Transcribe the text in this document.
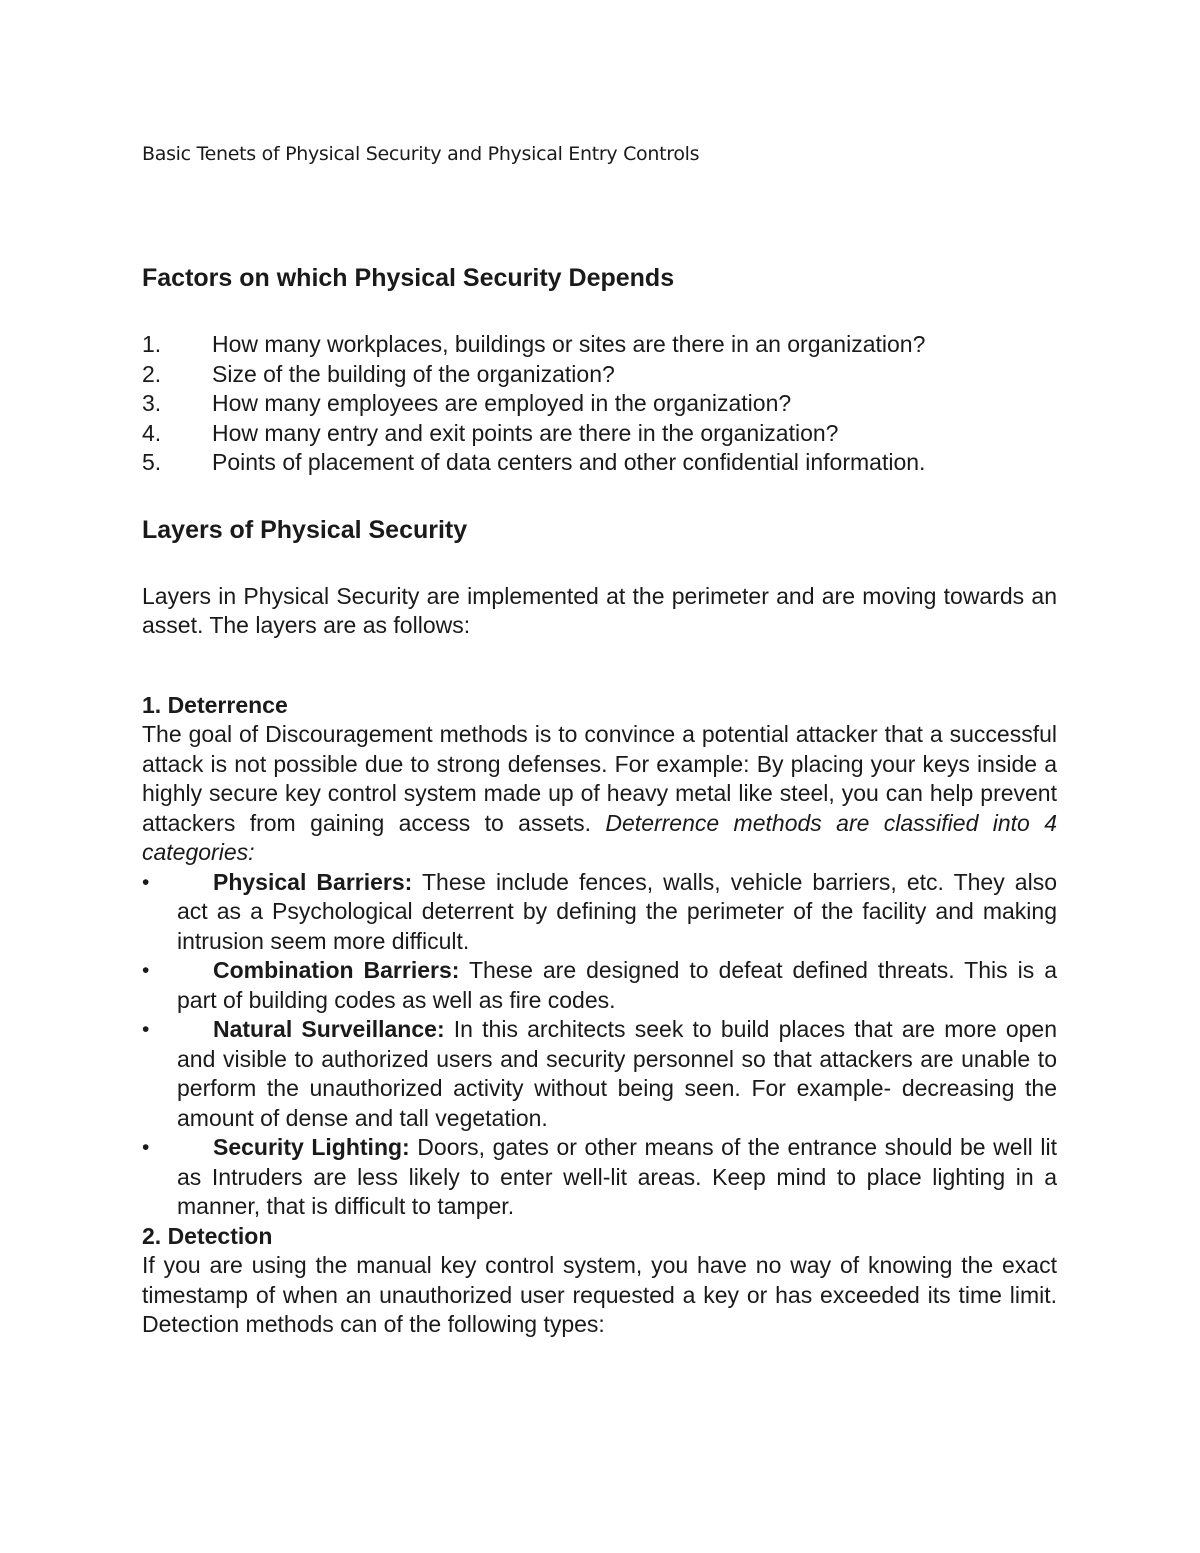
Basic Tenets of Physical Security and Physical Entry Controls
Factors on which Physical Security Depends
1. How many workplaces, buildings or sites are there in an organization?
2. Size of the building of the organization?
3. How many employees are employed in the organization?
4. How many entry and exit points are there in the organization?
5. Points of placement of data centers and other confidential information.
Layers of Physical Security

Layers in Physical Security are implemented at the perimeter and are moving towards an asset. The layers are as follows:

1. Deterrence

The goal of Discouragement methods is to convince a potential attacker that a successful attack is not possible due to strong defenses. For example: By placing your keys inside a highly secure key control system made up of heavy metal like steel, you can help prevent attackers from gaining access to assets. Deterrence methods are classified into 4 categories:

•	Physical Barriers: These include fences, walls, vehicle barriers, etc. They also act as a Psychological deterrent by defining the perimeter of the facility and making intrusion seem more difficult.
•	Combination Barriers: These are designed to defeat defined threats. This is a part of building codes as well as fire codes.
•	Natural Surveillance: In this architects seek to build places that are more open and visible to authorized users and security personnel so that attackers are unable to perform the unauthorized activity without being seen. For example- decreasing the amount of dense and tall vegetation.
•	Security Lighting: Doors, gates or other means of the entrance should be well lit as Intruders are less likely to enter well-lit areas. Keep mind to place lighting in a manner, that is difficult to tamper.
2. Detection

If you are using the manual key control system, you have no way of knowing the exact timestamp of when an unauthorized user requested a key or has exceeded its time limit. Detection methods can of the following types:
